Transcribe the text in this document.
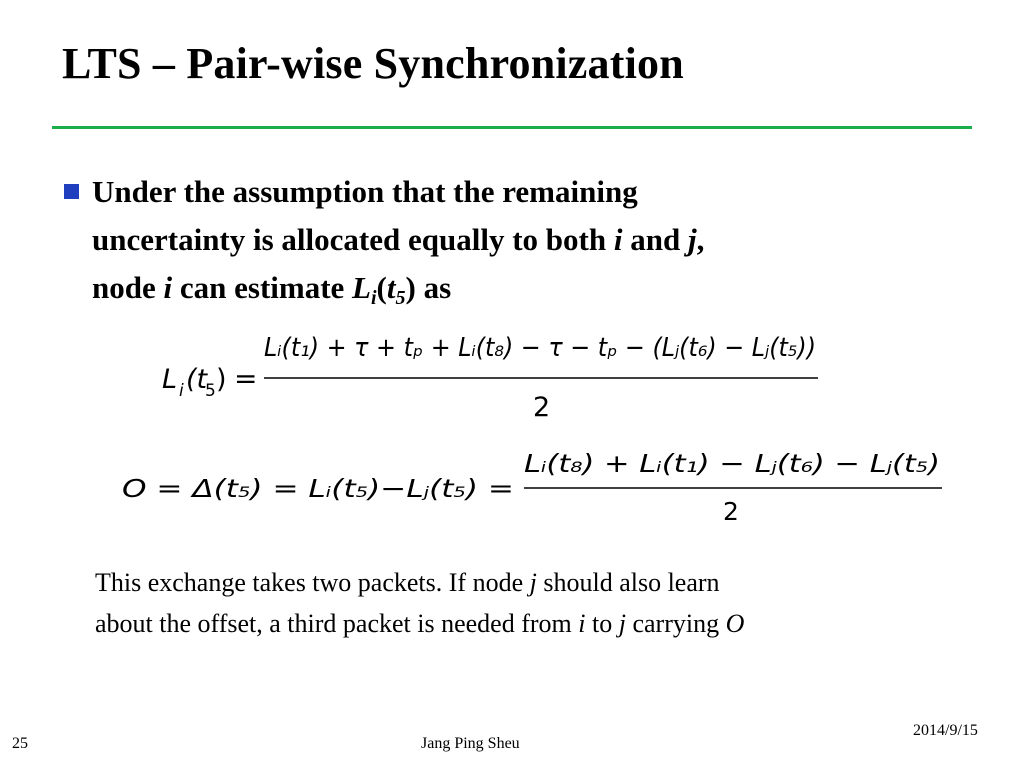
LTS – Pair-wise Synchronization
Under the assumption that the remaining
uncertainty is allocated equally to both i and j,
node i can estimate $L_i(t_5)$ as
L i (t
5 ) =
Lᵢ(t₁) + τ + tₚ + Lᵢ(t₈) − τ − tₚ − (Lⱼ(t₆) − Lⱼ(t₅))
2
O = Δ(t₅) = Lᵢ(t₅)−Lⱼ(t₅) =
Lᵢ(t₈) + Lᵢ(t₁) − Lⱼ(t₆) − Lⱼ(t₅)
2
This exchange takes two packets. If node j should also learn
about the offset, a third packet is needed from i to j carrying O
25	Jang Ping Sheu
2014/9/15
